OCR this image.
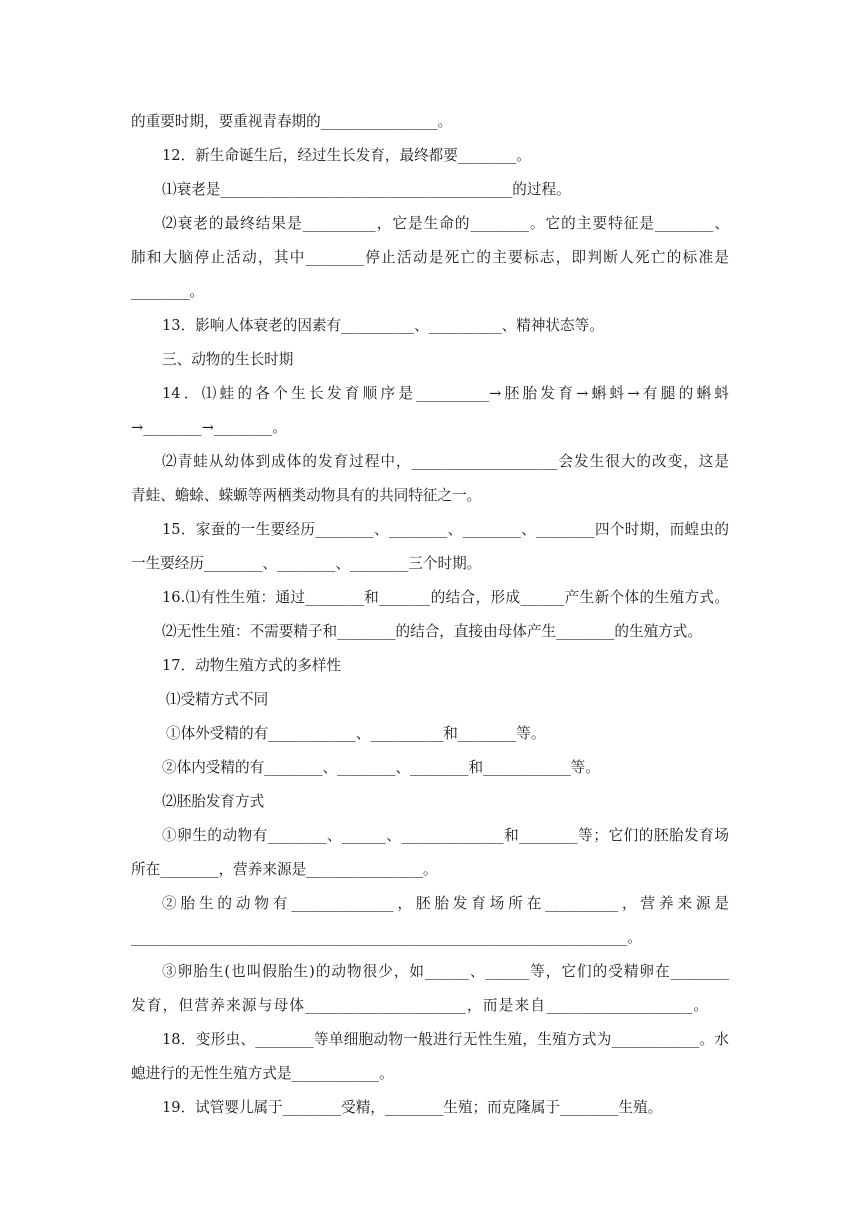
的重要时期，要重视青春期的________________。

12．新生命诞生后，经过生长发育，最终都要________。

⑴衰老是________________________________________的过程。

⑵衰老的最终结果是__________，它是生命的________。它的主要特征是________、

肺和大脑停止活动，其中________停止活动是死亡的主要标志，即判断人死亡的标准是

________。

13．影响人体衰老的因素有__________、__________、精神状态等。

三、动物的生长时期

14．⑴蛙的各个生长发育顺序是__________→胚胎发育→蝌蚪→有腿的蝌蚪

→________→________。

⑵青蛙从幼体到成体的发育过程中，____________________会发生很大的改变，这是

青蛙、蟾蜍、蝾螈等两栖类动物具有的共同特征之一。

15．家蚕的一生要经历________、________、________、________四个时期，而蝗虫的

一生要经历________、________、________三个时期。

16.⑴有性生殖：通过________和_______的结合，形成______产生新个体的生殖方式。

⑵无性生殖：不需要精子和________的结合，直接由母体产生________的生殖方式。

17．动物生殖方式的多样性

⑴受精方式不同

①体外受精的有____________、__________和________等。

②体内受精的有________、________、________和____________等。

⑵胚胎发育方式

①卵生的动物有________、______、______________和________等；它们的胚胎发育场

所在________，营养来源是________________。

②胎生的动物有______________，胚胎发育场所在__________，营养来源是

____________________________________________________________________。

③卵胎生(也叫假胎生)的动物很少，如______、______等，它们的受精卵在________

发育，但营养来源与母体______________________，而是来自____________________。

18．变形虫、________等单细胞动物一般进行无性生殖，生殖方式为____________。水

螅进行的无性生殖方式是____________。

19．试管婴儿属于________受精，________生殖；而克隆属于________生殖。
